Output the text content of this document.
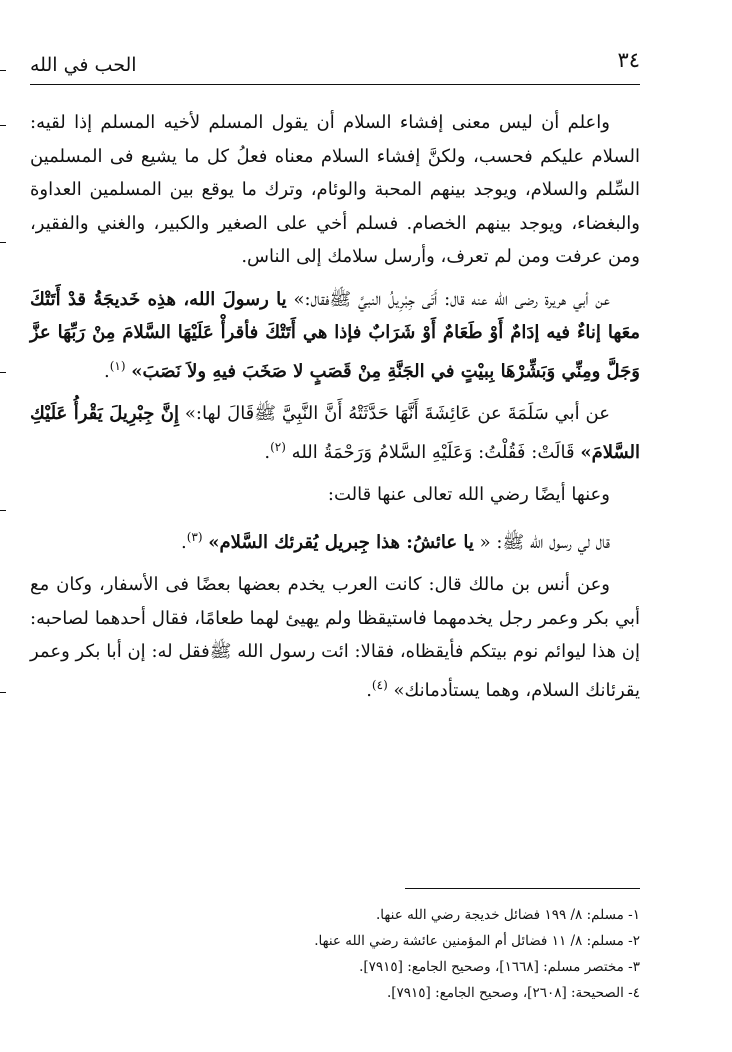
الحب في الله	٣٤

واعلم أن ليس معنى إفشاء السلام أن يقول المسلم لأخيه المسلم إذا لقيه: السلام عليكم فحسب، ولكنَّ إفشاء السلام معناه فعلُ كل ما يشيع فى المسلمين السِّلم والسلام، ويوجد بينهم المحبة والوئام، وترك ما يوقع بين المسلمين العداوة والبغضاء، ويوجد بينهم الخصام. فسلم أخي على الصغير والكبير، والغني والفقير، ومن عرفت ومن لم تعرف، وأرسل سلامك إلى الناس.

عن أبي هريرة رضى الله عنه قال: أَتَى جِبْرِيلُ النبيَّ ﷺفقال:» يا رسولَ الله، هذِه خَديجَةُ قدْ أَتَتْكَ معَها إناءٌ فيه إدَامٌ أَوْ طَعَامٌ أَوْ شَرَابٌ فإذا هي أَتَتْكَ فأقرأْ عَلَيْهَا السَّلامَ مِنْ رَبِّهَا عزَّ وَجَلَّ ومِنِّي وَبَشِّرْهَا بِبيْتٍ في الجَنَّةِ مِنْ قَصَبٍ لا صَخَبَ فيهِ ولاَ نَصَبَ» $^{(١)}$.

عن أبي سَلَمَةَ عن عَائِشَةَ أَنَّهَا حَدَّثَتْهُ أَنَّ النَّبِيَّ ﷺقَالَ لها:» إِنَّ جِبْرِيلَ يَقْرأُ عَلَيْكِ السَّلامَ» قَالَتْ: فَقُلْتُ: وَعَلَيْهِ السَّلامُ وَرَحْمَةُ الله $^{(٢)}$.

وعنها أيضًا رضي الله تعالى عنها قالت:

قال لي رسول الله ﷺ: « يا عائشُ: هذا جِبريل يُقرئك السَّلام» $^{(٣)}$.

وعن أنس بن مالك قال: كانت العرب يخدم بعضها بعضًا فى الأسفار، وكان مع أبي بكر وعمر رجل يخدمهما فاستيقظا ولم يهيئ لهما طعامًا، فقال أحدهما لصاحبه: إن هذا ليوائم نوم بيتكم فأيقظاه، فقالا: ائت رسول الله ﷺفقل له: إن أبا بكر وعمر يقرئانك السلام، وهما يستأدمانك» $^{(٤)}$.

١- مسلم: ٨/ ١٩٩ فضائل خديجة رضي الله عنها.
٢- مسلم: ٨/ ١١ فضائل أم المؤمنين عائشة رضي الله عنها.
٣- مختصر مسلم: [١٦٦٨]، وصحيح الجامع: [٧٩١٥].
٤- الصحيحة: [٢٦٠٨]، وصحيح الجامع: [٧٩١٥].
